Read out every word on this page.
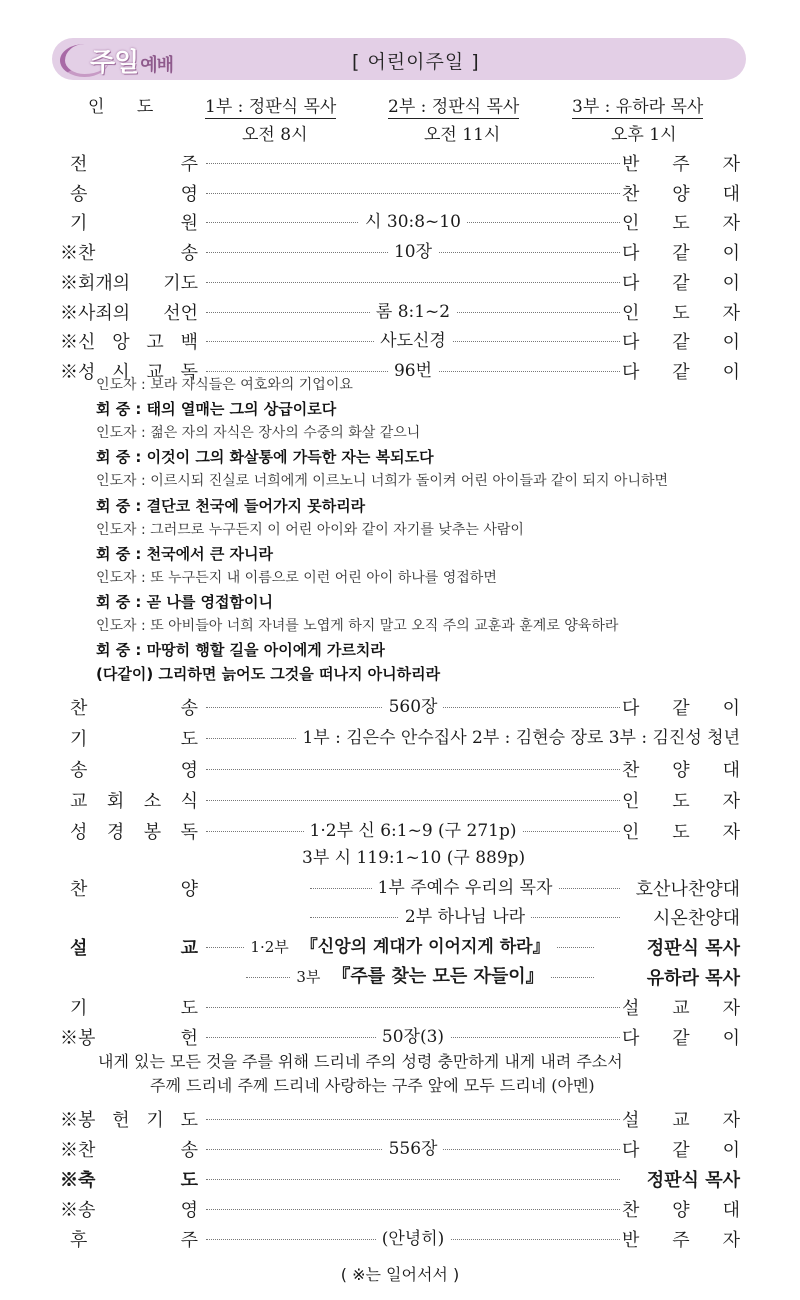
주일 예배	[ 어린이주일 ]
인 도	1부 : 정판식 목사	2부 : 정판식 목사	3부 : 유하라 목사
오전 8시	오전 11시	오후 1시
전	주	반 주 자
송	영	찬 양 대
기	원	시 30:8~10	인 도 자
※찬	송	10장	다 같 이
※회개의 기도	다 같 이
※사죄의 선언	롬 8:1~2	인 도 자
※신 앙 고 백	사도신경	다 같 이
※성 시 교 독	96번	다 같 이
인도자 : 보라 자식들은 여호와의 기업이요
회 중 : 태의 열매는 그의 상급이로다
인도자 : 젊은 자의 자식은 장사의 수중의 화살 같으니
회 중 : 이것이 그의 화살통에 가득한 자는 복되도다
인도자 : 이르시되 진실로 너희에게 이르노니 너희가 돌이켜 어린 아이들과 같이 되지 아니하면
회 중 : 결단코 천국에 들어가지 못하리라
인도자 : 그러므로 누구든지 이 어린 아이와 같이 자기를 낮추는 사람이
회 중 : 천국에서 큰 자니라
인도자 : 또 누구든지 내 이름으로 이런 어린 아이 하나를 영접하면
회 중 : 곧 나를 영접함이니
인도자 : 또 아비들아 너희 자녀를 노엽게 하지 말고 오직 주의 교훈과 훈계로 양육하라
회 중 : 마땅히 행할 길을 아이에게 가르치라
(다같이) 그리하면 늙어도 그것을 떠나지 아니하리라
찬	송	560장	다 같 이
기	도	1부 : 김은수 안수집사 2부 : 김현승 장로 3부 : 김진성 청년
송	영	찬 양 대
교 회 소 식	인 도 자
성 경 봉 독	1·2부 신 6:1~9 (구 271p)	인 도 자
3부 시 119:1~10 (구 889p)
찬	양	1부 주예수 우리의 목자	호산나찬양대
2부 하나님 나라	시온찬양대
설	교	1·2부 『신앙의 계대가 이어지게 하라』	정판식 목사
3부 『주를 찾는 모든 자들이』	유하라 목사
기	도	설 교 자
※봉	헌	50장(3)	다 같 이
내게 있는 모든 것을 주를 위해 드리네 주의 성령 충만하게 내게 내려 주소서
주께 드리네 주께 드리네 사랑하는 구주 앞에 모두 드리네 (아멘)
※봉 헌 기 도	설 교 자
※찬	송	556장	다 같 이
※축	도	정판식 목사
※송	영	찬 양 대
후	주	(안녕히)	반 주 자
( ※는 일어서서 )
